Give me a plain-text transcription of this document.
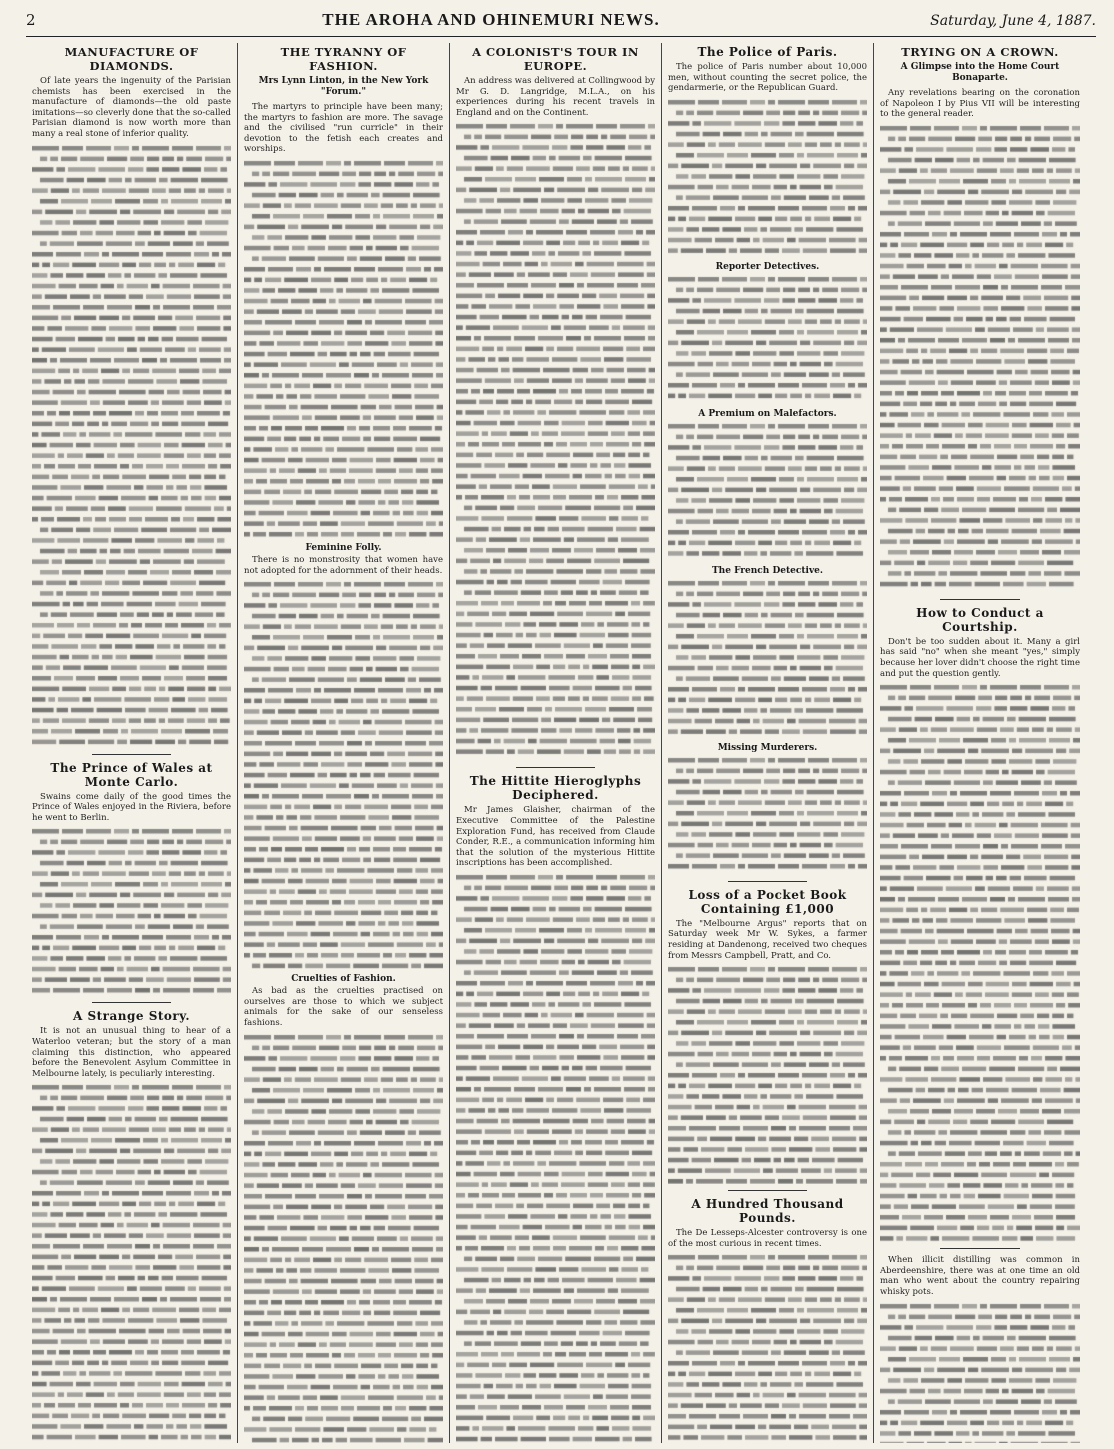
2	THE AROHA AND OHINEMURI NEWS.	Saturday, June 4, 1887.
MANUFACTURE OF DIAMONDS.

Of late years the ingenuity of the Parisian chemists has been exercised in the manufacture of diamonds—the old paste imitations—so cleverly done that the so-called Parisian diamond is now worth more than many a real stone of inferior quality.

The Prince of Wales at Monte Carlo.

Swains come daily of the good times the Prince of Wales enjoyed in the Riviera, before he went to Berlin.

A Strange Story.

It is not an unusual thing to hear of a Waterloo veteran; but the story of a man claiming this distinction, who appeared before the Benevolent Asylum Committee in Melbourne lately, is peculiarly interesting.

THE TYRANNY OF FASHION.
Mrs Lynn Linton, in the New York "Forum."

The martyrs to principle have been many; the martyrs to fashion are more. The savage and the civilised "run curricle" in their devotion to the fetish each creates and worships.

Feminine Folly.

There is no monstrosity that women have not adopted for the adornment of their heads.

Cruelties of Fashion.

As bad as the cruelties practised on ourselves are those to which we subject animals for the sake of our senseless fashions.

A COLONIST'S TOUR IN EUROPE.

An address was delivered at Collingwood by Mr G. D. Langridge, M.L.A., on his experiences during his recent travels in England and on the Continent.

The Hittite Hieroglyphs Deciphered.

Mr James Glaisher, chairman of the Executive Committee of the Palestine Exploration Fund, has received from Claude Conder, R.E., a communication informing him that the solution of the mysterious Hittite inscriptions has been accomplished.

The Police of Paris.

The police of Paris number about 10,000 men, without counting the secret police, the gendarmerie, or the Republican Guard.

Reporter Detectives.
A Premium on Malefactors.
The French Detective.
Missing Murderers.
Loss of a Pocket Book Containing £1,000

The "Melbourne Argus" reports that on Saturday week Mr W. Sykes, a farmer residing at Dandenong, received two cheques from Messrs Campbell, Pratt, and Co.

A Hundred Thousand Pounds.

The De Lesseps-Alcester controversy is one of the most curious in recent times.

TRYING ON A CROWN.
A Glimpse into the Home Court Bonaparte.

Any revelations bearing on the coronation of Napoleon I by Pius VII will be interesting to the general reader.

How to Conduct a Courtship.

Don't be too sudden about it. Many a girl has said "no" when she meant "yes," simply because her lover didn't choose the right time and put the question gently.

When illicit distilling was common in Aberdeenshire, there was at one time an old man who went about the country repairing whisky pots.
